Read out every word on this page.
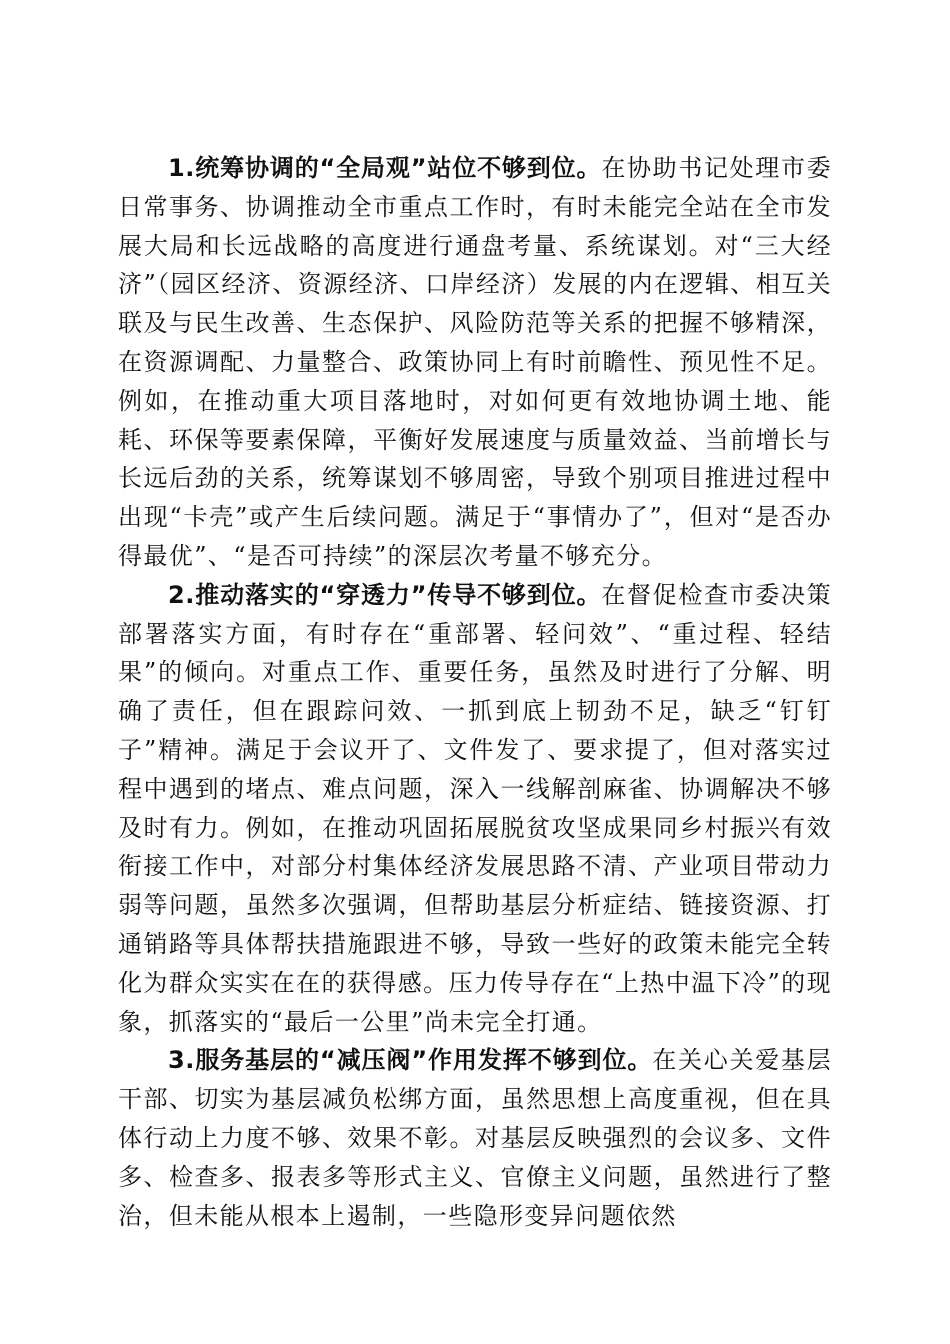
1.统筹协调的“全局观”站位不够到位。在协助书记处理市委日常事务、协调推动全市重点工作时，有时未能完全站在全市发展大局和长远战略的高度进行通盘考量、系统谋划。对“三大经济”（园区经济、资源经济、口岸经济）发展的内在逻辑、相互关联及与民生改善、生态保护、风险防范等关系的把握不够精深，在资源调配、力量整合、政策协同上有时前瞻性、预见性不足。例如，在推动重大项目落地时，对如何更有效地协调土地、能耗、环保等要素保障，平衡好发展速度与质量效益、当前增长与长远后劲的关系，统筹谋划不够周密，导致个别项目推进过程中出现“卡壳”或产生后续问题。满足于“事情办了”，但对“是否办得最优”、“是否可持续”的深层次考量不够充分。

2.推动落实的“穿透力”传导不够到位。在督促检查市委决策部署落实方面，有时存在“重部署、轻问效”、“重过程、轻结果”的倾向。对重点工作、重要任务，虽然及时进行了分解、明确了责任，但在跟踪问效、一抓到底上韧劲不足，缺乏“钉钉子”精神。满足于会议开了、文件发了、要求提了，但对落实过程中遇到的堵点、难点问题，深入一线解剖麻雀、协调解决不够及时有力。例如，在推动巩固拓展脱贫攻坚成果同乡村振兴有效衔接工作中，对部分村集体经济发展思路不清、产业项目带动力弱等问题，虽然多次强调，但帮助基层分析症结、链接资源、打通销路等具体帮扶措施跟进不够，导致一些好的政策未能完全转化为群众实实在在的获得感。压力传导存在“上热中温下冷”的现象，抓落实的“最后一公里”尚未完全打通。

3.服务基层的“减压阀”作用发挥不够到位。在关心关爱基层干部、切实为基层减负松绑方面，虽然思想上高度重视，但在具体行动上力度不够、效果不彰。对基层反映强烈的会议多、文件多、检查多、报表多等形式主义、官僚主义问题，虽然进行了整治，但未能从根本上遏制，一些隐形变异问题依然
